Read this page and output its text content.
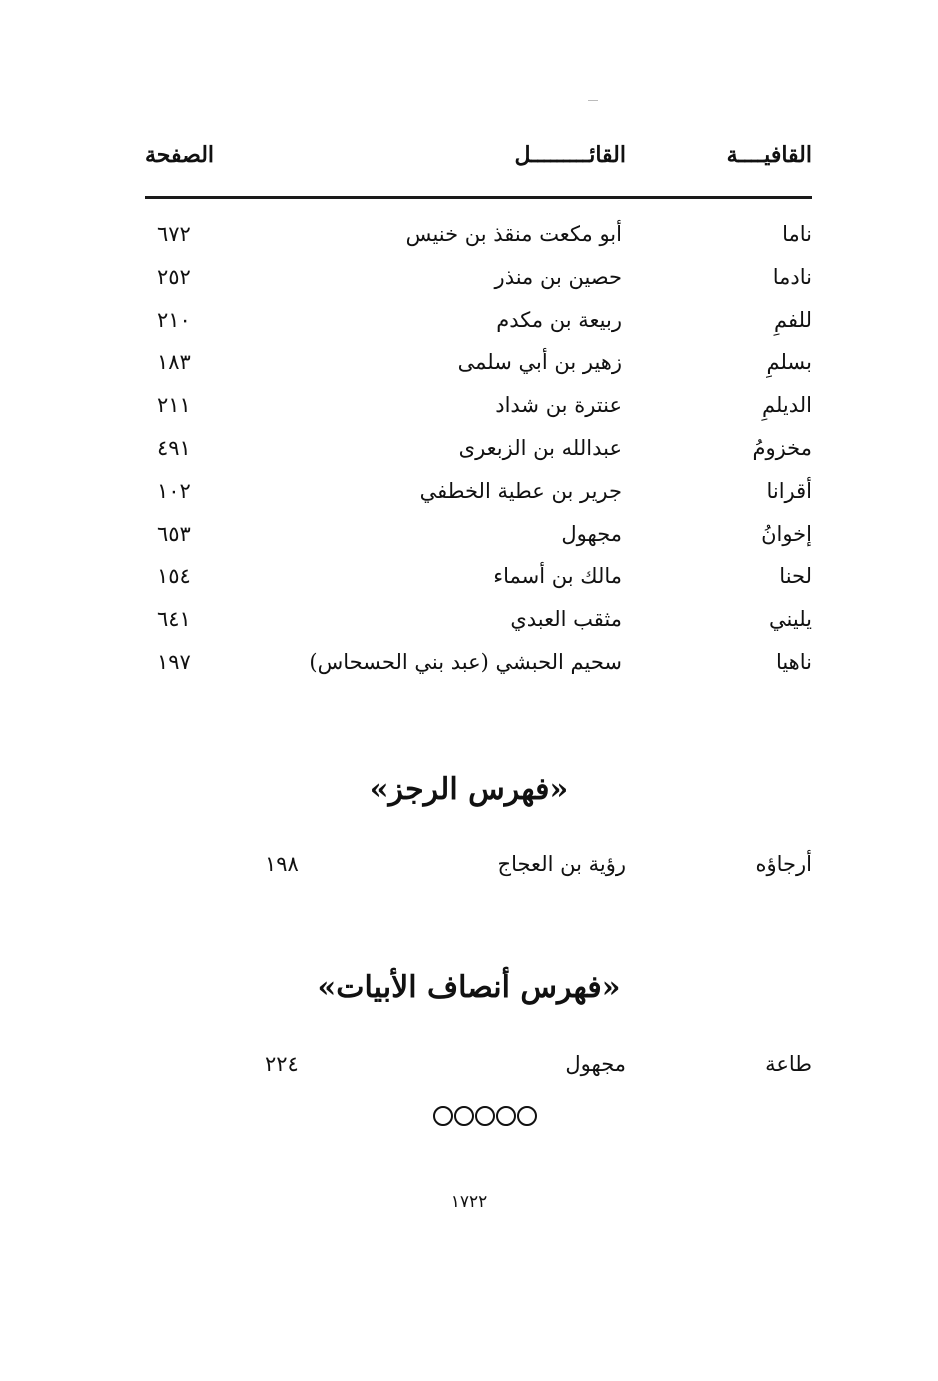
القافيــــة
القائـــــــــل
الصفحة
ناما
أبو مكعت منقذ بن خنيس
٦٧٢
نادما
حصين بن منذر
٢٥٢
للفمِ
ربيعة بن مكدم
٢١٠
بسلمِ
زهير بن أبي سلمى
١٨٣
الديلمِ
عنترة بن شداد
٢١١
مخزومُ
عبدالله بن الزبعرى
٤٩١
أقرانا
جرير بن عطية الخطفي
١٠٢
إخوانُ
مجهول
٦٥٣
لحنا
مالك بن أسماء
١٥٤
يليني
مثقب العبدي
٦٤١
ناهيا
سحيم الحبشي (عبد بني الحسحاس)
١٩٧
«فهرس الرجز»
أرجاؤه
رؤية بن العجاج
١٩٨
«فهرس أنصاف الأبيات»
طاعة
مجهول
٢٢٤
١٧٢٢
